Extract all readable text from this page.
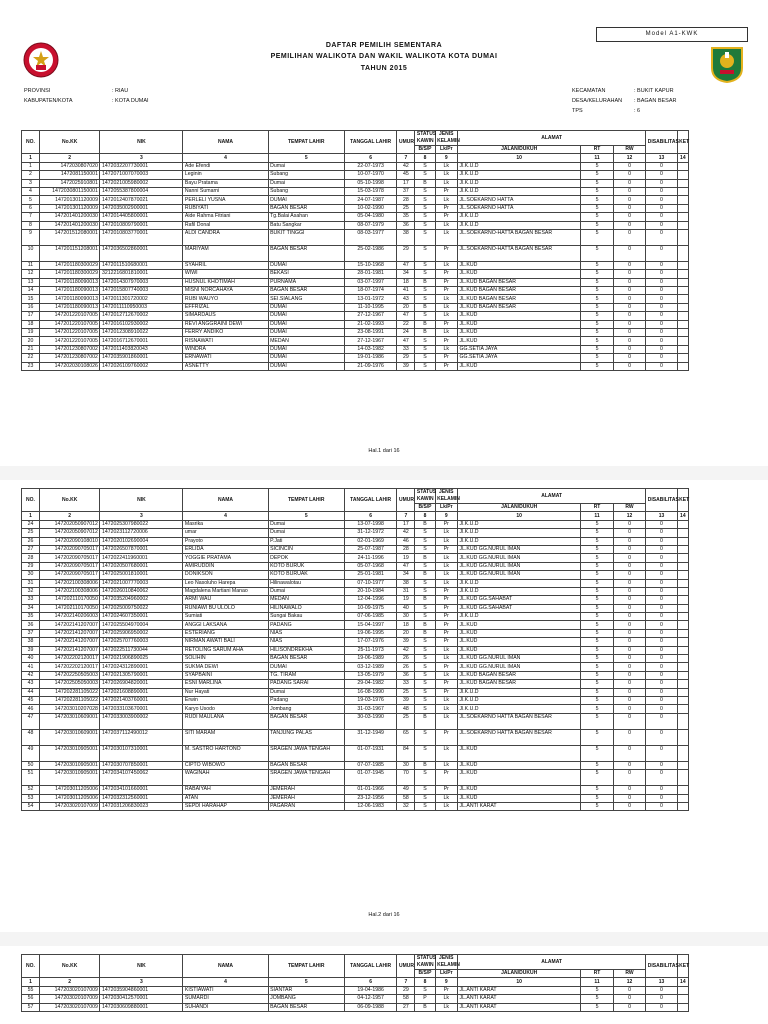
Model A1-KWK
DAFTAR PEMILIH SEMENTARA
PEMILIHAN WALIKOTA DAN WAKIL WALIKOTA KOTA DUMAI
TAHUN 2015
PROVINSI	: RIAU
KABUPATEN/KOTA	: KOTA DUMAI
KECAMATAN	: BUKIT KAPUR
DESA/KELURAHAN : BAGAN BESAR
TPS	: 6
NO.	No.KK	NIK	NAMA	TEMPAT LAHIR	TANGGAL LAHIR	UMUR	STATUS KAWIN	JENIS KELAMIN	ALAMAT			DISABILITAS	KET
							B/S/P	Lk/Pr	JALAN/DUKUH	RT	RW		
1	2	3	4	5	6	7	8	9	10	11	12	13	14
1	1472030807020	1472032207730001	Ade Efendi	Dumai	22-07-1973	42	S	Lk	Jl.K.U.D	5	0	0	
2	1472081150001	1472071007070003	Leginin	Subang	10-07-1970	45	S	Lk	Jl.K.U.D	5	0	0	
3	1472025910801	1472021005980002	Bayu Pratama	Dumai	05-10-1998	17	B	Lk	Jl.K.U.D	5	0	0	
4	1472030801150001	1472055387800004	Nanni Sumarni	Subang	15-03-1978	37	S	Pr	Jl.K.U.D	5	0	0	
5	147201301120009	1472012407870021	PERLELI YUSNA	DUMAI	24-07-1987	28	S	Lk	JL.SOEKARNO HATTA	5	0	0	
6	147201301120009	1472035002900001	RUBIYATI	BAGAN BESAR	10-02-1990	25	S	Pr	JL.SOEKARNO HATTA	5	0	0	
7	147201401200030	1472014405800001	Aide Rahma Fitriani	Tg.Balai Asahan	05-04-1980	35	S	Pr	Jl.K.U.D	5	0	0	
8	147201401200030	1472010809790001	Rafil Donal	Batu Sangkar	08-07-1979	36	S	Lk	Jl.K.U.D	5	0	0	
9	147201512080001	1472010803770001	ALDI CANDRA	BUKIT TINGGI	08-03-1977	38	S	Lk	JL.SOEKARNO-HATTA BAGAN BESAR	5	0	0	
10	147201151208001	1472036502860001	MARIYAM	BAGAN BESAR	25-02-1986	29	S	Pr	JL.SOEKARNO-HATTA BAGAN BESAR	5	0	0	
11	147201180300029	1472011510680001	SYAHRIL	DUMAI	15-10-1968	47	S	Lk	JL.KUD	5	0	0	
12	147201180300029	3212216801810001	WIWI	BEKASI	28-01-1981	34	S	Pr	JL.KUD	5	0	0	
13	147201180090013	1472014307970003	HUSNUL KHOTIMAH	PURNAMA	03-07-1997	18	B	Pr	JL.KUD BAGAN BESAR	5	0	0	
14	147201180090013	1472015807740003	MISNI NORCAHAYA	BAGAN BESAR	18-07-1974	41	S	Pr	JL.KUD BAGAN BESAR	5	0	0	
15	147201180090013	1472011301720002	RUBI WAUYO	SEI.SIALANG	13-01-1972	43	S	Lk	JL.KUD BAGAN BESAR	5	0	0	
16	147201180090013	1472011110950003	EFFRIZAL	DUMAI	11-10-1995	20	B	Lk	JL.KUD BAGAN BESAR	5	0	0	
17	147201220107005	1472012712670002	SIMARDAUS	DUMAI	27-12-1967	47	S	Lk	JL.KUD	5	0	0	
18	147201220107005	1472016102930002	REVI ANGGRAINI DEWI	DUMAI	21-02-1993	22	B	Pr	JL.KUD	5	0	0	
19	147201220107005	1472012308910022	FERRY ANDIKO	DUMAI	23-08-1991	24	B	Lk	JL.KUD	5	0	0	
20	147201220107005	1472016712670001	RISNAWATI	MEDAN	27-12-1967	47	S	Pr	JL.KUD	5	0	0	
21	147201230807002	1472011403820043	WINDRA	DUMAI	14-03-1982	33	S	Lk	GG.SETIA JAYA	5	0	0	
22	147201230807002	1472035901860001	ERNAWATI	DUMAI	19-01-1986	29	S	Pr	GG.SETIA JAYA	5	0	0	
23	147202030108026	1472026109760002	ASNETTY	DUMAI	21-09-1976	39	S	Pr	JL.KUD	5	0	0	
Hal.1 dari 16
NO.	No.KK	NIK	NAMA	TEMPAT LAHIR	TANGGAL LAHIR	UMUR	STATUS KAWIN	JENIS KELAMIN	ALAMAT			DISABILITAS	KET
							B/S/P	Lk/Pr	JALAN/DUKUH	RT	RW		
1	2	3	4	5	6	7	8	9	10	11	12	13	14
24	147202050907012	1472025307980022	Masrika	Dumai	13-07-1998	17	B	Pr	Jl.K.U.D	5	0	0	
25	147202050907012	1472023112720006	umar	Dumai	31-12-1972	42	S	Lk	Jl.K.U.D	5	0	0	
26	147202090108010	1472020102690004	Prayoto	P.Jati	02-01-1969	46	S	Lk	Jl.K.U.D	5	0	0	
27	147202090705017	1472026507870001	ERLIDA	SICINCIN	25-07-1987	28	S	Pr	JL.KUD GG.NURUL IMAN	5	0	0	
28	147202090705017	1472022411960001	YOGGIE PRATAMA	DEPOK	24-11-1996	19	B	Lk	JL.KUD GG.NURUL IMAN	5	0	0	
29	147202090705017	1472020507680001	AMIRUDDIN	KOTO BURUK	05-07-1968	47	S	Lk	JL.KUD GG.NURUL IMAN	5	0	0	
30	147202090705017	1472025001810001	DONIKSON	KOTO BURUAK	25-01-1981	34	B	Lk	JL.KUD GG.NURUL IMAN	5	0	0	
31	147202100308006	1472021007770003	Leo Nasoluho Harepa	Hilinawalotau	07-10-1977	38	S	Lk	Jl.K.U.D	5	0	0	
32	147202100308006	1472026010840062	Magdalena Martiani Manao	Dumai	20-10-1984	31	S	Pr	Jl.K.U.D	5	0	0	
33	147202110170050	1472035204960002	ARMI WAU	MEDAN	12-04-1996	19	B	Pr	JL.KUD GG.SAHABAT	5	0	0	
34	147202110170050	1472025009750022	RUNIAWI BU ULOLO	HILINAWALO	10-09-1975	40	S	Pr	JL.KUD GG.SAHABAT	5	0	0	
35	147202140206003	1472024607350001	Sumiati	Sungai Bakau	07-06-1985	30	S	Pr	Jl.K.U.D	5	0	0	
36	147202141207007	1472025504970004	ANGGI LAKSANA	PADANG	15-04-1997	18	B	Pr	JL.KUD	5	0	0	
37	147202141207007	1472025906950002	ESTERIANG	NIAS	19-06-1995	20	B	Pr	JL.KUD	5	0	0	
38	147202141207007	1472025707760003	NIRMAN AWATI BALI	NIAS	17-07-1976	39	S	Pr	JL.KUD	5	0	0	
39	147202141207007	1472022511730044	RETOLING SARUM AHA	HILISONDREKHA	25-11-1973	42	S	Lk	JL.KUD	5	0	0	
40	147202202120017	1472021906890025	SOLIHIN	BAGAN BESAR	19-06-1989	26	S	Lk	JL.KUD GG.NURUL IMAN	5	0	0	
41	147202202120017	1472024312890001	SUKMA DEWI	DUMAI	03-12-1989	26	S	Pr	JL.KUD GG.NURUL IMAN	5	0	0	
42	147202250505003	1472021305790001	SYAPBAINI	TG. TIRAM	13-05-1979	36	S	Lk	JL.KUD BAGAN BESAR	5	0	0	
43	147202505050003	1472026904820001	ESNI MARLINA	PADANG SARAI	29-04-1982	33	S	Pr	JL.KUD BAGAN BESAR	5	0	0	
44	147202281105022	1472021608890001	Nur Hayati	Dumai	16-08-1990	25	S	Pr	Jl.K.U.D	5	0	0	
45	147202281105022	1472021403760001	Erwin	Padang	19-03-1976	39	S	Lk	Jl.K.U.D	5	0	0	
46	147203010207028	1472033103670001	Karyo Usodo	Jombang	31-03-1967	48	S	Lk	Jl.K.U.D	5	0	0	
47	147203010609001	1472033003900002	RUDI MAULANA	BAGAN BESAR	30-03-1990	25	B	Lk	JL.SOEKARNO HATTA BAGAN BESAR	5	0	0	
48	147203010609001	1472037112490012	SITI MARAM	TANJUNG PALAS	31-12-1949	65	S	Pr	JL.SOEKARNO HATTA BAGAN BESAR	5	0	0	
49	147203010905001	1472030107310001	M. SASTRO HARTONO	SRAGEN JAWA TENGAH	01-07-1931	84	S	Lk	JL.KUD	5	0	0	
50	147203010905001	1472030707850001	CIPTO WIBOWO	BAGAN BESAR	07-07-1985	30	B	Lk	JL.KUD	5	0	0	
51	147203010905001	1472034107450062	WAGINAH	SRAGEN JAWA TENGAH	01-07-1945	70	S	Pr	JL.KUD	5	0	0	
52	147203011205006	1472034101660001	RABAIYAH	JEMERAH	01-01-1966	49	S	Pr	JL.KUD	5	0	0	
53	147203011205006	1472032312560001	ATAN	JEMERAH	23-12-1956	58	S	Lk	JL.KUD	5	0	0	
54	147203020107009	1472031206830023	SEPDI HARAHAP	PAGARAN	12-06-1983	32	S	Lk	JL.ANTI KARAT	5	0	0	
Hal.2 dari 16
NO.	No.KK	NIK	NAMA	TEMPAT LAHIR	TANGGAL LAHIR	UMUR	STATUS KAWIN	JENIS KELAMIN	ALAMAT			DISABILITAS	KET
							B/S/P	Lk/Pr	JALAN/DUKUH	RT	RW		
1	2	3	4	5	6	7	8	9	10	11	12	13	14
55	147203020107009	1472035904860001	KISTIAWATI	SIANTAR	19-04-1986	29	S	Pr	JL.ANTI KARAT	5	0	0	
56	147203020107009	1472030412570001	SUMARDI	JOMBANG	04-12-1957	58	P	Lk	JL.ANTI KARAT	5	0	0	
57	147203020107009	1472030609880001	SUHANDI	BAGAN BESAR	06-09-1988	27	B	Lk	JL.ANTI KARAT	5	0	0	
